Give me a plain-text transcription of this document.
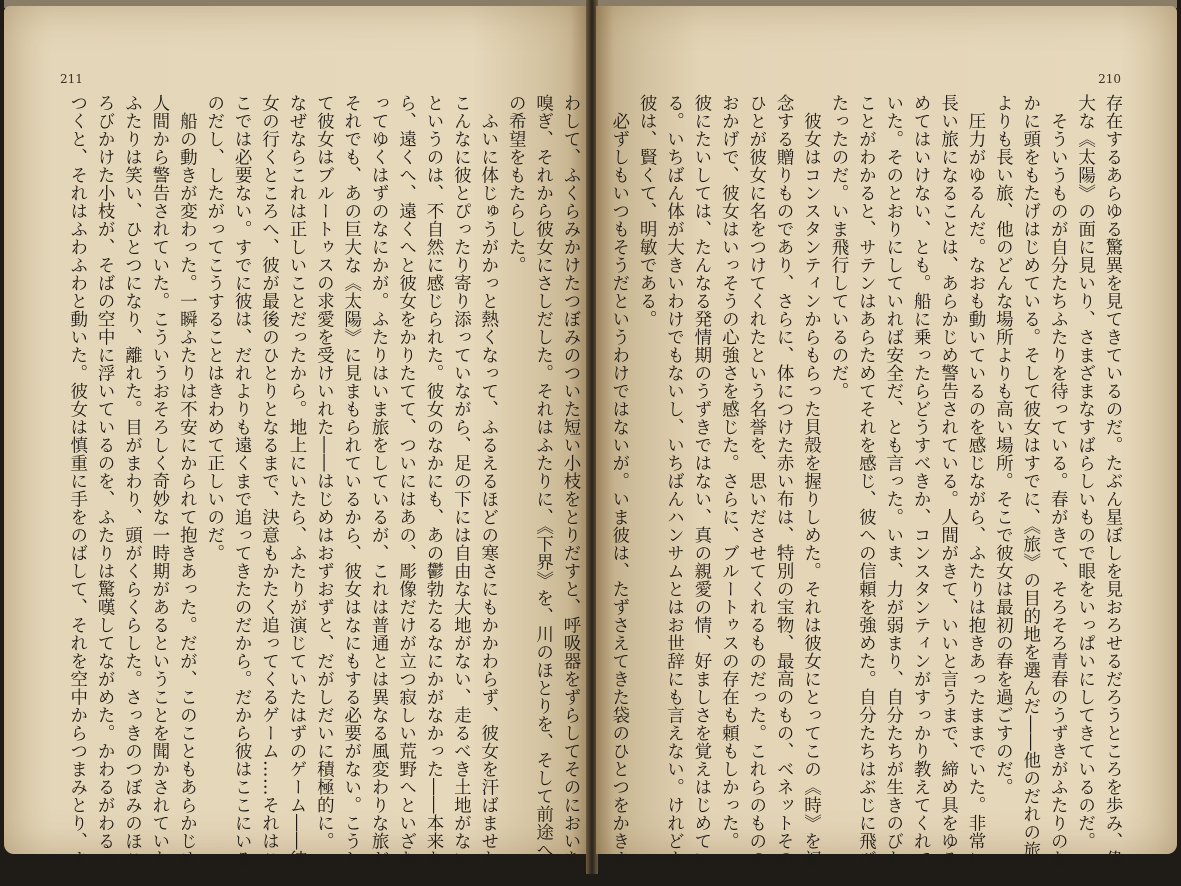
211
わして、ふくらみかけたつぼみのついた短い小枝をとりだすと、呼吸器をずらしてそのにおいを
嗅ぎ、それから彼女にさしだした。それはふたりに、《下界》を、川のほとりを、そして前途へ
の希望をもたらした。
　ふいに体じゅうがかっと熱くなって、ふるえるほどの寒さにもかかわらず、彼女を汗ばませた。
こんなに彼とぴったり寄り添っていながら、足の下には自由な大地がない、走るべき土地がない
というのは、不自然に感じられた。彼女のなかにも、あの鬱勃たるなにかがなかった――本来な
ら、遠くへ、遠くへと彼女をかりたてて、ついにはあの、彫像だけが立つ寂しい荒野へといざな
ってゆくはずのなにかが。ふたりはいま旅をしているが、これは普通とは異なる風変わりな旅だ。
それでも、あの巨大な《太陽》に見まもられているから、彼女はなにもする必要がない。こうし
て彼女はブルートゥスの求愛を受けいれた――はじめはおずおずと、だがしだいに積極的に。
なぜならこれは正しいことだったから。地上にいたら、ふたりが演じていたはずのゲーム――彼
女の行くところへ、彼が最後のひとりとなるまで、決意もかたく追ってくるゲーム……それはこ
こでは必要ない。すでに彼は、だれよりも遠くまで追ってきたのだから。だから彼はここにいる
のだし、したがってこうすることはきわめて正しいのだ。
　船の動きが変わった。一瞬ふたりは不安にかられて抱きあった。だが、このこともあらかじめ
人間から警告されていた。こういうおそろしく奇妙な一時期があるということを聞かされていた。
ふたりは笑い、ひとつになり、離れた。目がまわり、頭がくらくらした。さっきのつぼみのほこ
ろびかけた小枝が、そばの空中に浮いているのを、ふたりは驚嘆してながめた。かわるがわるつ
つくと、それはふわふわと動いた。彼女は慎重に手をのばして、それを空中からつまみとり、ま
210
存在するあらゆる驚異を見てきているのだ。たぶん星ぼしを見おろせるだろうところを歩み、偉
大な《太陽》の面に見いり、さまざまなすばらしいもので眼をいっぱいにしてきているのだ。
　そういうものが自分たちふたりを待っている。春がきて、そろそろ青春のうずきがふたりのな
かに頭をもたげはじめている。そして彼女はすでに、《旅》の目的地を選んだ――他のだれの旅
よりも長い旅、他のどんな場所よりも高い場所。そこで彼女は最初の春を過ごすのだ。
　圧力がゆるんだ。なおも動いているのを感じながら、ふたりは抱きあったままでいた。非常に
長い旅になることは、あらかじめ警告されている。人間がきて、いいと言うまで、締め具をゆる
めてはいけない、とも。船に乗ったらどうすべきか、コンスタンティンがすっかり教えてくれて
いた。そのとおりにしていれば安全だ、とも言った。いま、力が弱まり、自分たちが生きのびた
ことがわかると、サテンはあらためてそれを感じ、彼への信頼を強めた。自分たちはぶじに飛び
たったのだ。いま飛行しているのだ。
　彼女はコンスタンティンからもらった貝殻を握りしめた。それは彼女にとってこの《時》を記
念する贈りものであり、さらに、体につけた赤い布は、特別の宝物、最高のもの、ベネットその
ひとが彼女に名をつけてくれたという名誉を、思いださせてくれるものだった。これらのものの
おかげで、彼女はいっそうの心強さを感じた。さらに、ブルートゥスの存在も頼もしかった。
彼にたいしては、たんなる発情期のうずきではない、真の親愛の情、好ましさを覚えはじめてい
る。いちばん体が大きいわけでもないし、いちばんハンサムとはお世辞にも言えない。けれども
彼は、賢くて、明敏である。
　必ずしもいつもそうだというわけではないが。いま彼は、たずさえてきた袋のひとつをかきま
